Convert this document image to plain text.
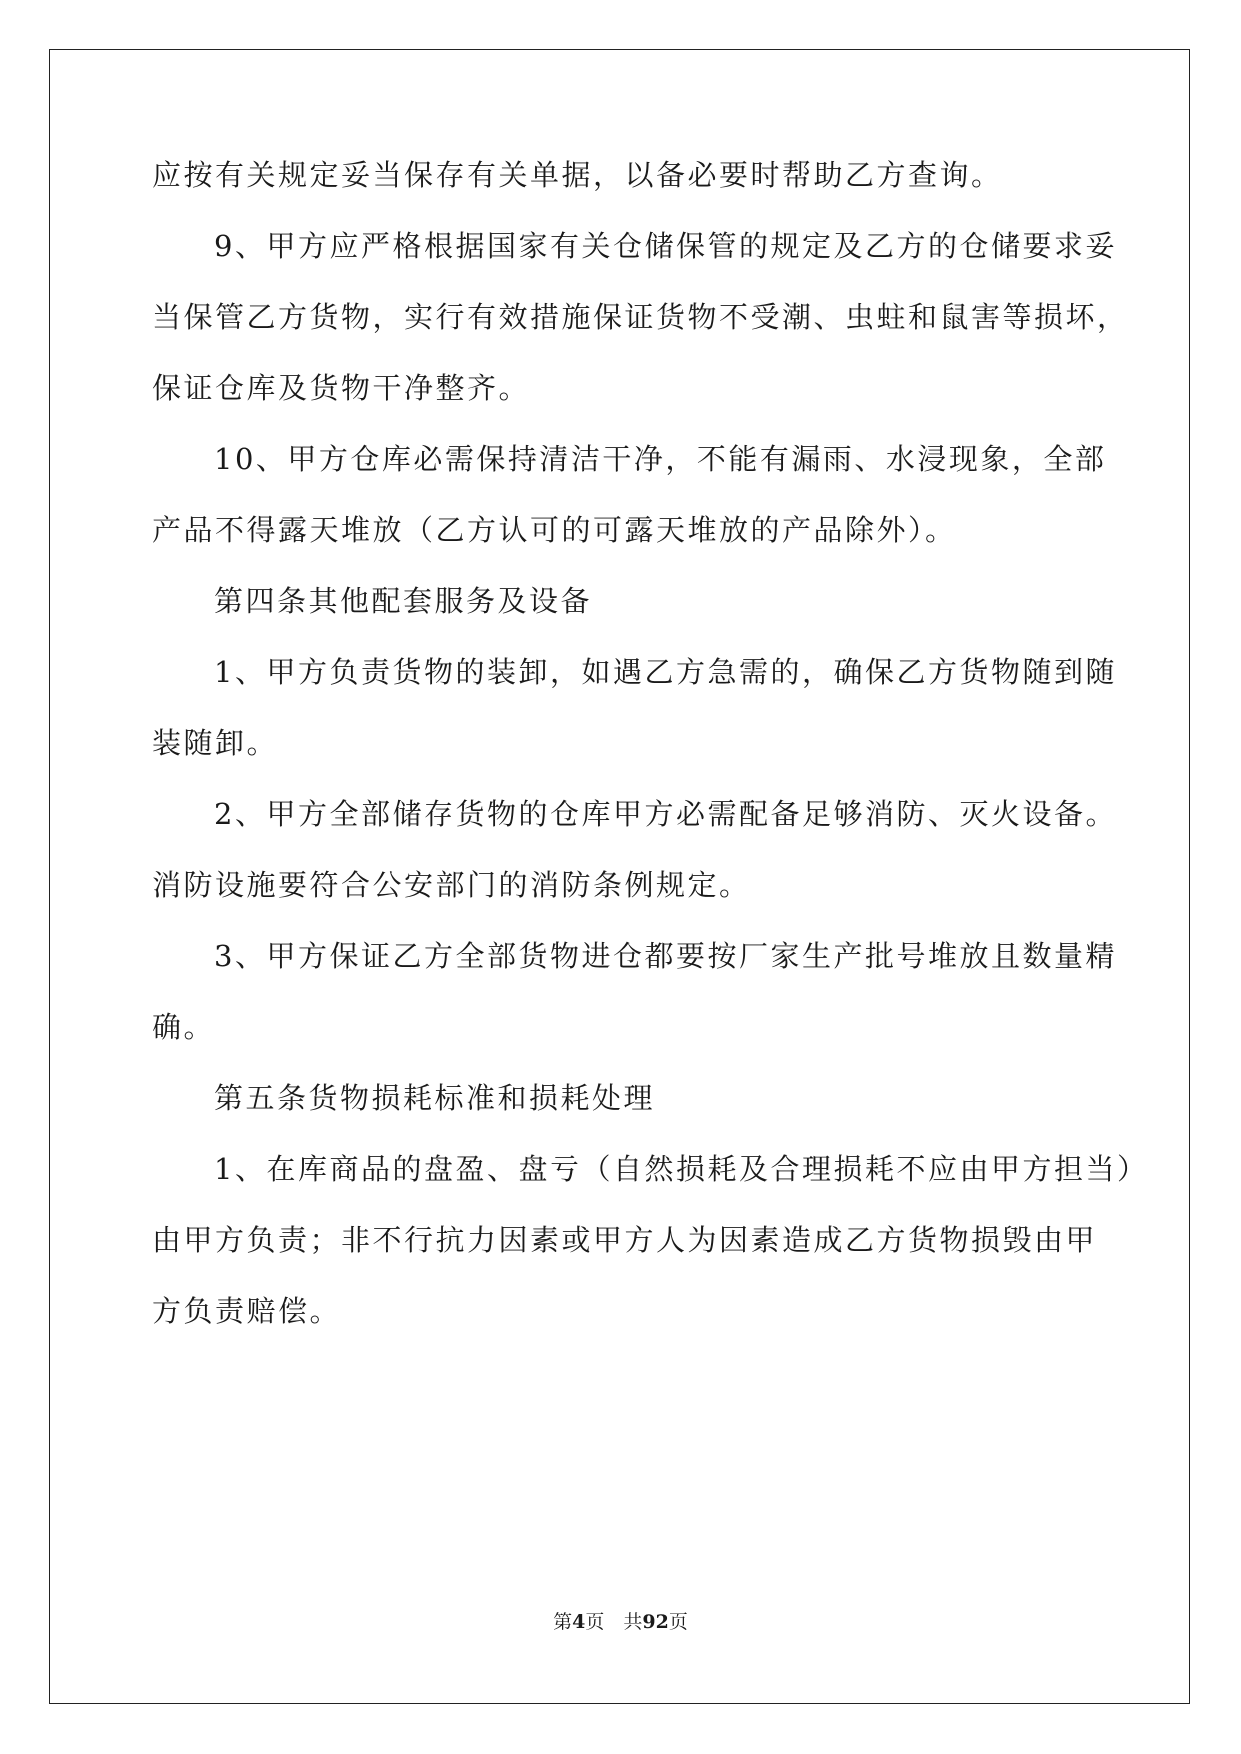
应按有关规定妥当保存有关单据，以备必要时帮助乙方查询。
9、甲方应严格根据国家有关仓储保管的规定及乙方的仓储要求妥
当保管乙方货物，实行有效措施保证货物不受潮、虫蛀和鼠害等损坏，
保证仓库及货物干净整齐。
10、甲方仓库必需保持清洁干净，不能有漏雨、水浸现象，全部
产品不得露天堆放（乙方认可的可露天堆放的产品除外）。
第四条其他配套服务及设备
1、甲方负责货物的装卸，如遇乙方急需的，确保乙方货物随到随
装随卸。
2、甲方全部储存货物的仓库甲方必需配备足够消防、灭火设备。
消防设施要符合公安部门的消防条例规定。
3、甲方保证乙方全部货物进仓都要按厂家生产批号堆放且数量精
确。
第五条货物损耗标准和损耗处理
1、在库商品的盘盈、盘亏（自然损耗及合理损耗不应由甲方担当）
由甲方负责；非不行抗力因素或甲方人为因素造成乙方货物损毁由甲
方负责赔偿。
第4页　共92页
